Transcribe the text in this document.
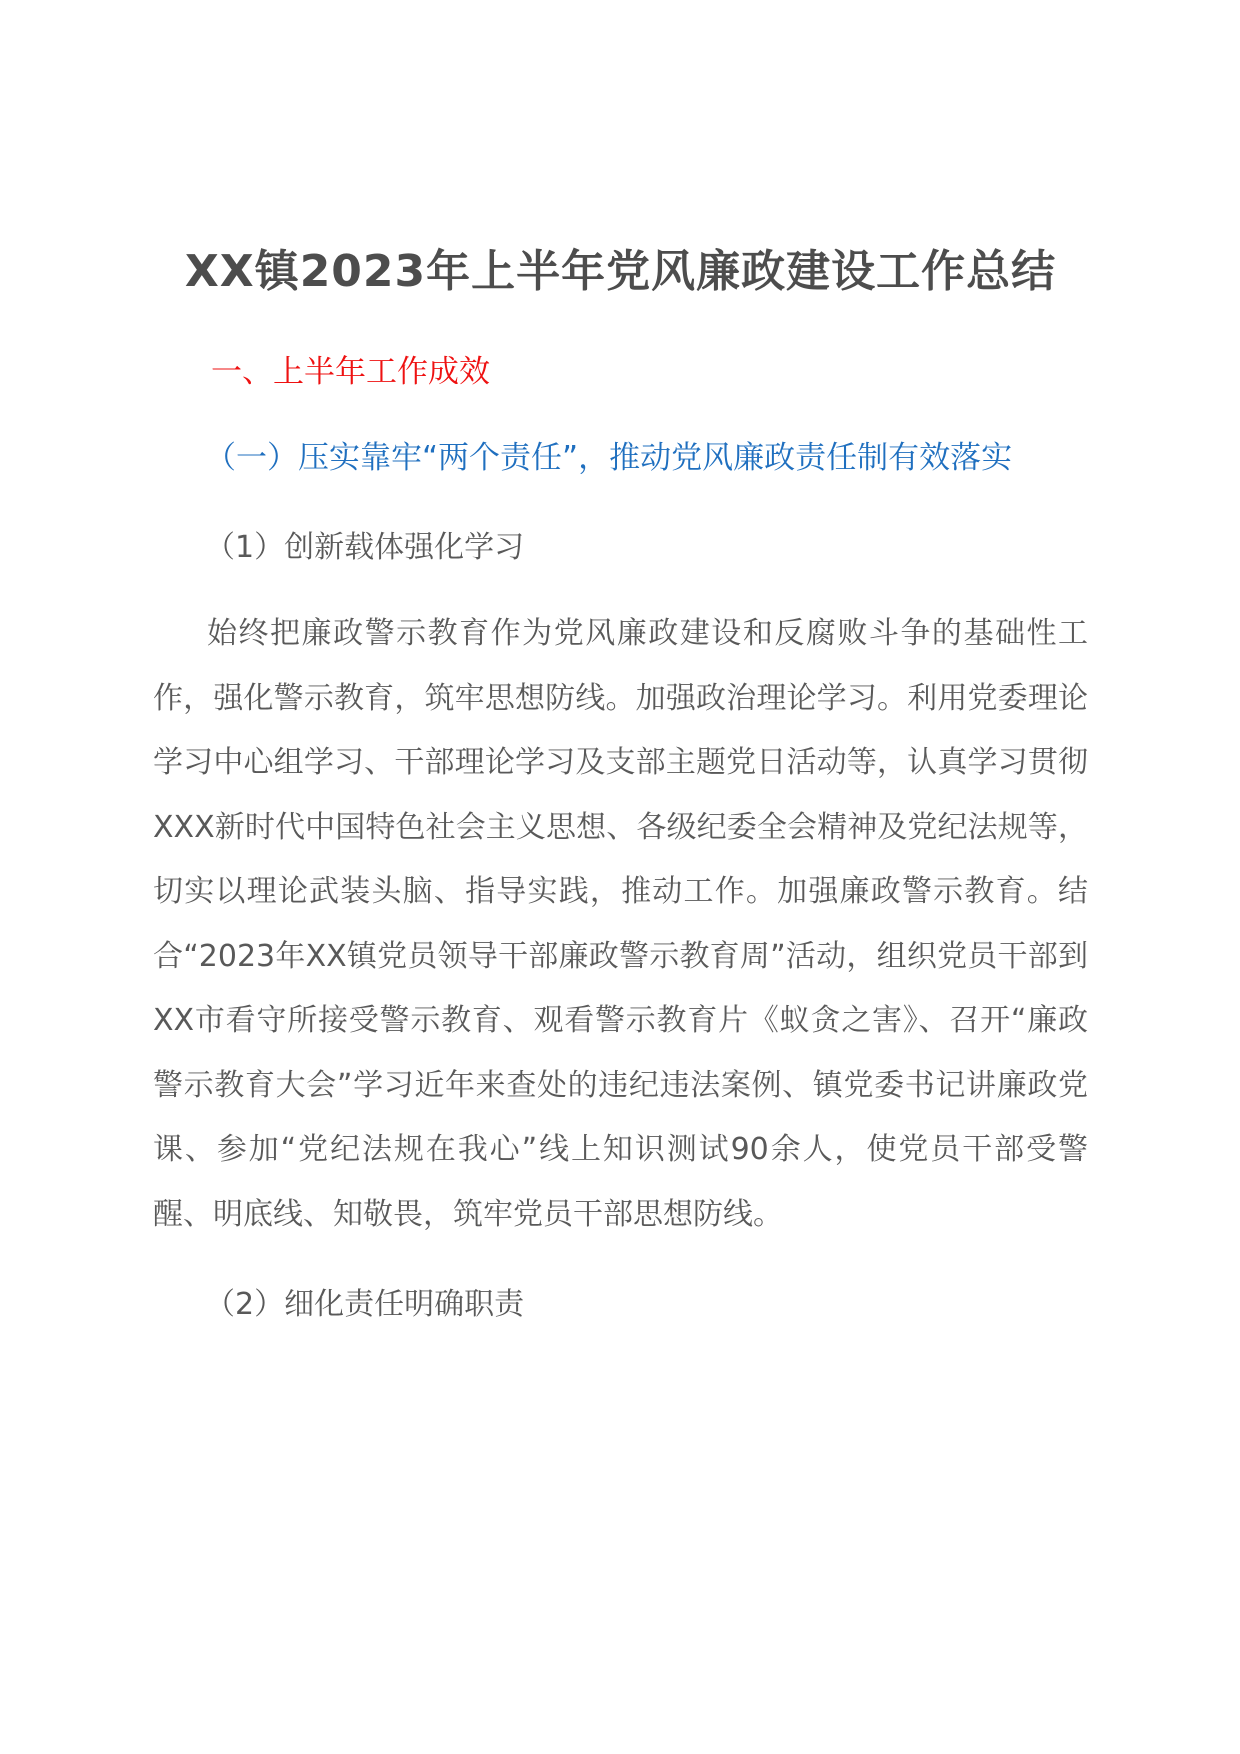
XX镇2023年上半年党风廉政建设工作总结

一、上半年工作成效

（一）压实靠牢“两个责任”，推动党风廉政责任制有效落实

（1）创新载体强化学习

始终把廉政警示教育作为党风廉政建设和反腐败斗争的基础性工作，强化警示教育，筑牢思想防线。加强政治理论学习。利用党委理论学习中心组学习、干部理论学习及支部主题党日活动等，认真学习贯彻XXX新时代中国特色社会主义思想、各级纪委全会精神及党纪法规等，切实以理论武装头脑、指导实践，推动工作。加强廉政警示教育。结合“2023年XX镇党员领导干部廉政警示教育周”活动，组织党员干部到XX市看守所接受警示教育、观看警示教育片《蚁贪之害》、召开“廉政警示教育大会”学习近年来查处的违纪违法案例、镇党委书记讲廉政党课、参加“党纪法规在我心”线上知识测试90余人，使党员干部受警醒、明底线、知敬畏，筑牢党员干部思想防线。

（2）细化责任明确职责
